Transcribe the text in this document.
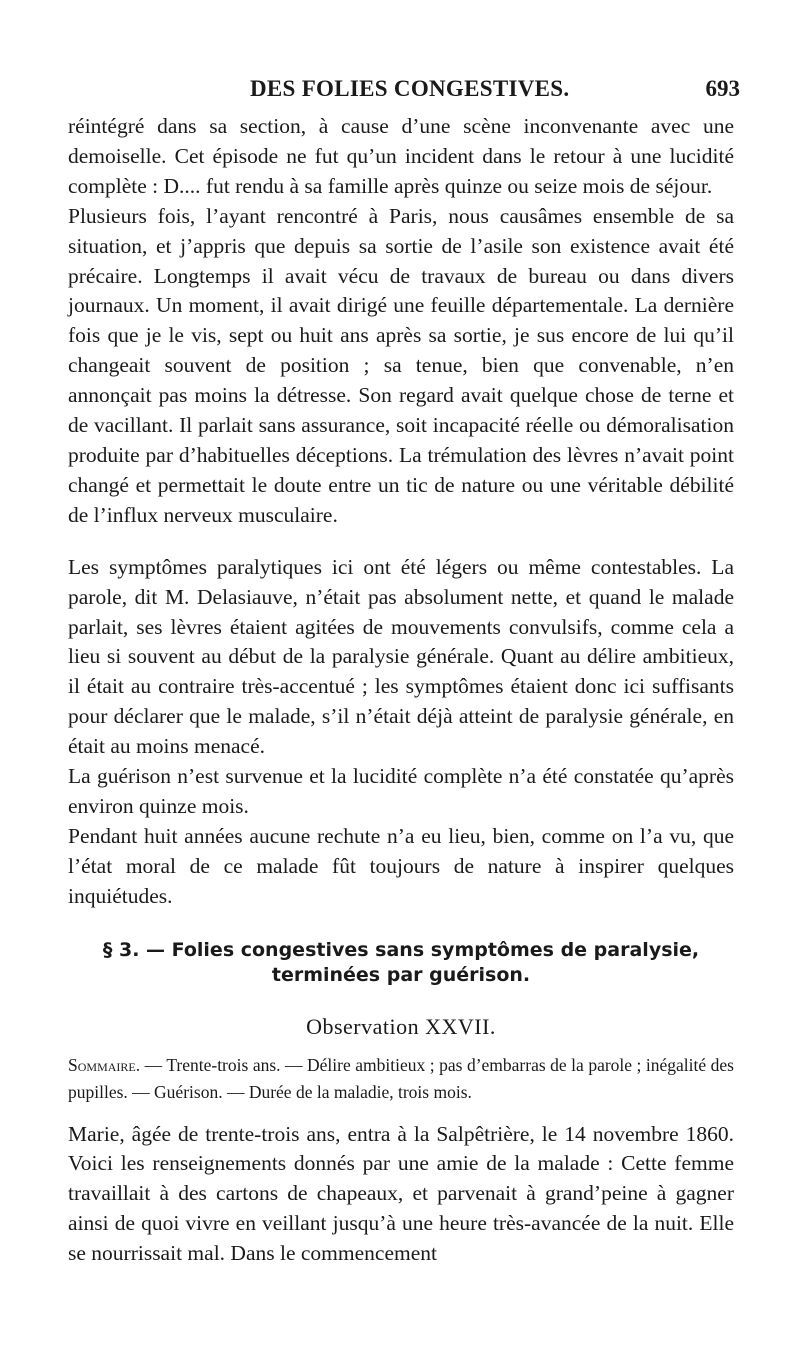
DES FOLIES CONGESTIVES.	693

réintégré dans sa section, à cause d’une scène inconvenante avec une demoiselle. Cet épisode ne fut qu’un incident dans le retour à une lucidité complète : D.... fut rendu à sa famille après quinze ou seize mois de séjour.

Plusieurs fois, l’ayant rencontré à Paris, nous causâmes ensemble de sa situation, et j’appris que depuis sa sortie de l’asile son existence avait été précaire. Longtemps il avait vécu de travaux de bureau ou dans divers journaux. Un moment, il avait dirigé une feuille départementale. La dernière fois que je le vis, sept ou huit ans après sa sortie, je sus encore de lui qu’il changeait souvent de position ; sa tenue, bien que convenable, n’en annonçait pas moins la détresse. Son regard avait quelque chose de terne et de vacillant. Il parlait sans assurance, soit incapacité réelle ou démoralisation produite par d’habituelles déceptions. La trémulation des lèvres n’avait point changé et permettait le doute entre un tic de nature ou une véritable débilité de l’influx nerveux musculaire.

Les symptômes paralytiques ici ont été légers ou même contestables. La parole, dit M. Delasiauve, n’était pas absolument nette, et quand le malade parlait, ses lèvres étaient agitées de mouvements convulsifs, comme cela a lieu si souvent au début de la paralysie générale. Quant au délire ambitieux, il était au contraire très-accentué ; les symptômes étaient donc ici suffisants pour déclarer que le malade, s’il n’était déjà atteint de paralysie générale, en était au moins menacé.

La guérison n’est survenue et la lucidité complète n’a été constatée qu’après environ quinze mois.

Pendant huit années aucune rechute n’a eu lieu, bien, comme on l’a vu, que l’état moral de ce malade fût toujours de nature à inspirer quelques inquiétudes.

§ 3. — Folies congestives sans symptômes de paralysie, terminées par guérison.
Observation XXVII.
Sommaire. — Trente-trois ans. — Délire ambitieux ; pas d’embarras de la parole ; inégalité des pupilles. — Guérison. — Durée de la maladie, trois mois.

Marie, âgée de trente-trois ans, entra à la Salpêtrière, le 14 novembre 1860. Voici les renseignements donnés par une amie de la malade : Cette femme travaillait à des cartons de chapeaux, et parvenait à grand’peine à gagner ainsi de quoi vivre en veillant jusqu’à une heure très-avancée de la nuit. Elle se nourrissait mal. Dans le commencement
